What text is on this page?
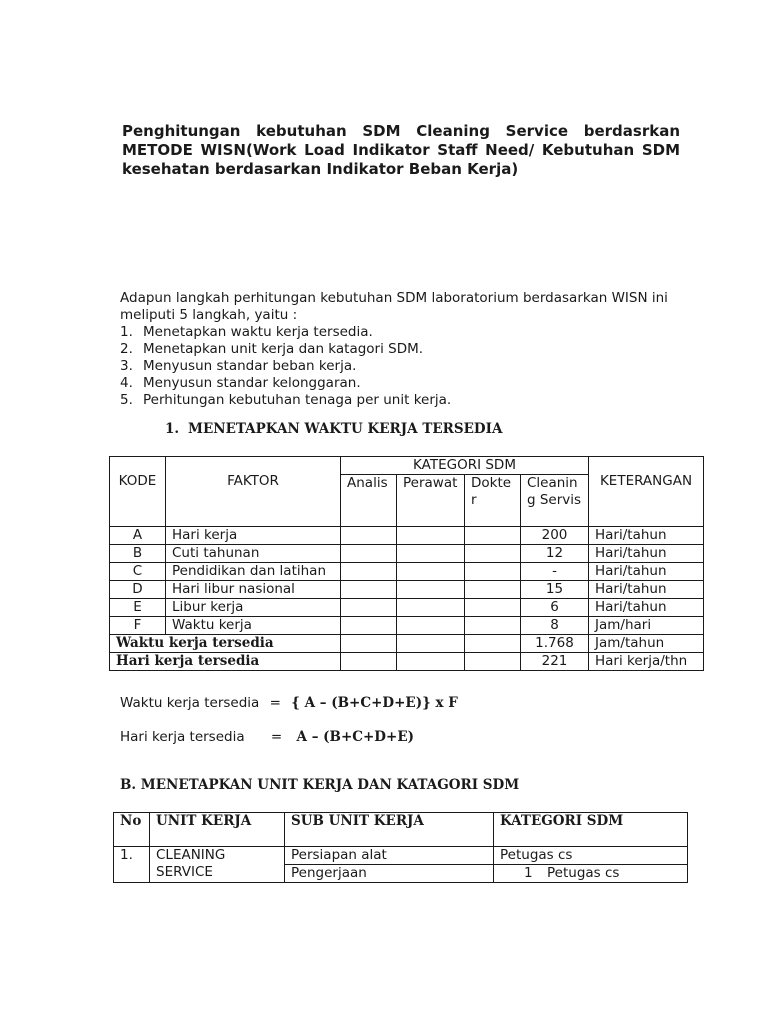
Penghitungan kebutuhan SDM Cleaning Service berdasrkan METODE WISN(Work Load Indikator Staff Need/ Kebutuhan SDM kesehatan berdasarkan Indikator Beban Kerja)

Adapun langkah perhitungan kebutuhan SDM laboratorium berdasarkan WISN ini meliputi 5 langkah, yaitu :

1. Menetapkan waktu kerja tersedia.
2. Menetapkan unit kerja dan katagori SDM.
3. Menyusun standar beban kerja.
4. Menyusun standar kelonggaran.
5. Perhitungan kebutuhan tenaga per unit kerja.
1. MENETAPKAN WAKTU KERJA TERSEDIA
KODE	FAKTOR	KATEGORI SDM				KETERANGAN
		Analis	Perawat	Dokter	Cleaning Servis	
A	Hari kerja				200	Hari/tahun
B	Cuti tahunan				12	Hari/tahun
C	Pendidikan dan latihan				-	Hari/tahun
D	Hari libur nasional				15	Hari/tahun
E	Libur kerja				6	Hari/tahun
F	Waktu kerja				8	Jam/hari
Waktu kerja tersedia					1.768	Jam/tahun
Hari kerja tersedia					221	Hari kerja/thn

Waktu kerja tersedia = { A – (B+C+D+E)} x F

Hari kerja tersedia = A – (B+C+D+E)

B. MENETAPKAN UNIT KERJA DAN KATAGORI SDM
No	UNIT KERJA	SUB UNIT KERJA	KATEGORI SDM
1.	CLEANING SERVICE	Persiapan alat	Petugas cs
		Pengerjaan	1 Petugas cs
